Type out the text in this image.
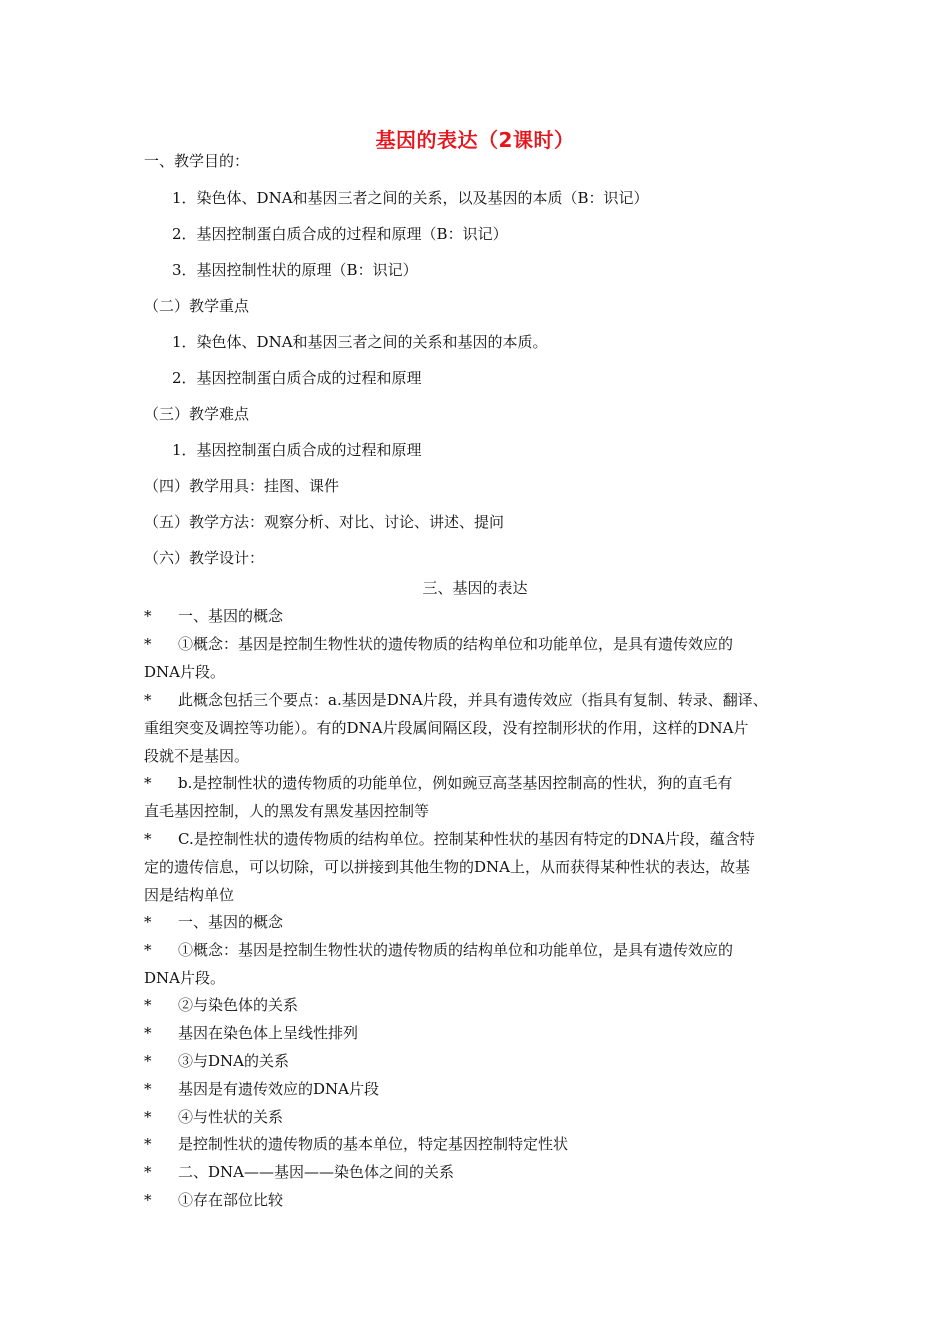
基因的表达（2课时）
一、教学目的：
1．染色体、DNA和基因三者之间的关系，以及基因的本质（B：识记）
2．基因控制蛋白质合成的过程和原理（B：识记）
3．基因控制性状的原理（B：识记）
（二）教学重点
1．染色体、DNA和基因三者之间的关系和基因的本质。
2．基因控制蛋白质合成的过程和原理
（三）教学难点
1．基因控制蛋白质合成的过程和原理
（四）教学用具：挂图、课件
（五）教学方法：观察分析、对比、讨论、讲述、提问
（六）教学设计：
三、基因的表达
* 一、基因的概念
* ①概念：基因是控制生物性状的遗传物质的结构单位和功能单位，是具有遗传效应的
DNA片段。
* 此概念包括三个要点：a.基因是DNA片段，并具有遗传效应（指具有复制、转录、翻译、
重组突变及调控等功能）。有的DNA片段属间隔区段，没有控制形状的作用，这样的DNA片
段就不是基因。
* b.是控制性状的遗传物质的功能单位，例如豌豆高茎基因控制高的性状，狗的直毛有
直毛基因控制，人的黑发有黑发基因控制等
* C.是控制性状的遗传物质的结构单位。控制某种性状的基因有特定的DNA片段，蕴含特
定的遗传信息，可以切除，可以拼接到其他生物的DNA上，从而获得某种性状的表达，故基
因是结构单位
* 一、基因的概念
* ①概念：基因是控制生物性状的遗传物质的结构单位和功能单位，是具有遗传效应的
DNA片段。
* ②与染色体的关系
* 基因在染色体上呈线性排列
* ③与DNA的关系
* 基因是有遗传效应的DNA片段
* ④与性状的关系
* 是控制性状的遗传物质的基本单位，特定基因控制特定性状
* 二、DNA——基因——染色体之间的关系
* ①存在部位比较
